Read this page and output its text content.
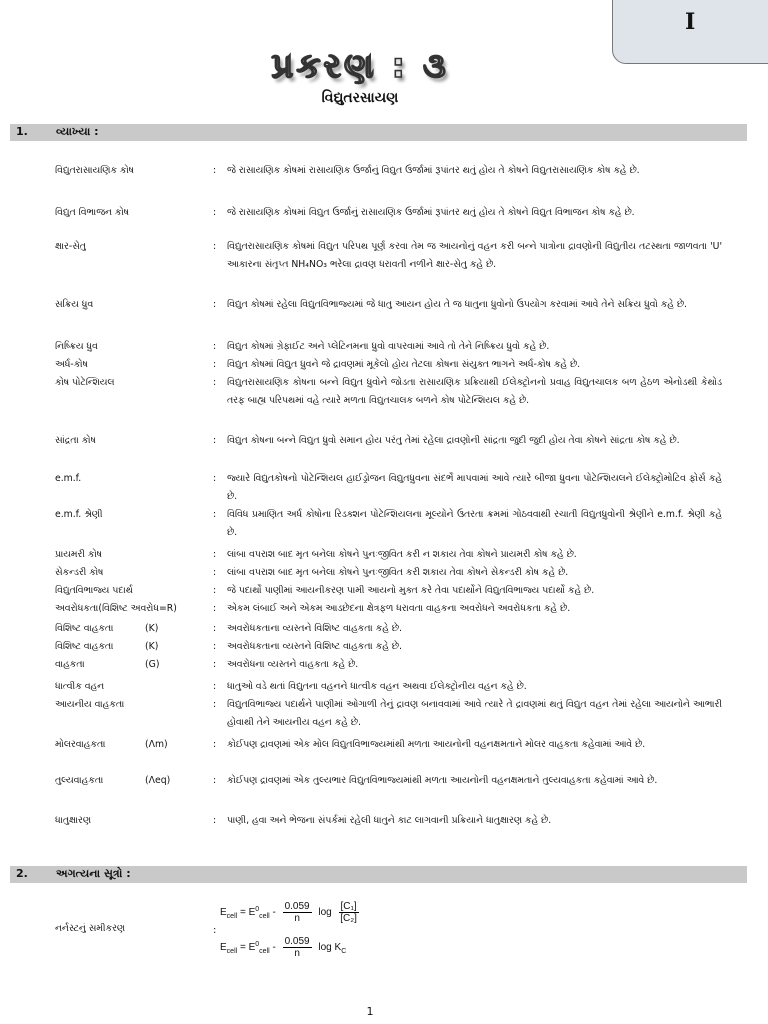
I
પ્રકરણ : ૩
વિદ્યુતરસાયણ
1.	વ્યાખ્યા :
વિદ્યુતરાસાયણિક કોષ	: જે રાસાયણિક કોષમાં રાસાયણિક ઉર્જાનું વિદ્યુત ઉર્જામાં રૂપાંતર થતું હોય તે કોષને વિદ્યુતરાસાયણિક કોષ કહે છે.
વિદ્યુત વિભાજન કોષ	: જે રાસાયણિક કોષમાં વિદ્યુત ઉર્જાનું રાસાયણિક ઉર્જામાં રૂપાંતર થતું હોય તે કોષને વિદ્યુત વિભાજન કોષ કહે છે.
ક્ષાર-સેતુ	: વિદ્યુતરાસાયણિક કોષમાં વિદ્યુત પરિપથ પૂર્ણ કરવા તેમ જ આયનોનું વહન કરી બન્ને પાત્રોના દ્રાવણોની વિદ્યુતીય તટસ્થતા જાળવતા 'U' આકારના સંતૃપ્ત NH₄NO₃ ભરેલા દ્રાવણ ધરાવતી નળીને ક્ષાર-સેતુ કહે છે.
સક્રિય ધ્રુવ	: વિદ્યુત કોષમાં રહેલા વિદ્યુતવિભાજ્યમાં જે ધાતુ આયન હોય તે જ ધાતુના ધ્રુવોનો ઉપયોગ કરવામાં આવે તેને સક્રિય ધ્રુવો કહે છે.
નિષ્ક્રિય ધ્રુવ	: વિદ્યુત કોષમાં ગ્રેફાઈટ અને પ્લેટિનમના ધ્રુવો વાપરવામાં આવે તો તેને નિષ્ક્રિય ધ્રુવો કહે છે.
અર્ધ-કોષ	: વિદ્યુત કોષમાં વિદ્યુત ધ્રુવને જે દ્રાવણમાં મૂકેલો હોય તેટલા કોષના સંયુક્ત ભાગને અર્ધ-કોષ કહે છે.
કોષ પોટેન્શિયલ	: વિદ્યુતરાસાયણિક કોષના બન્ને વિદ્યુત ધ્રુવોને જોડતા રાસાયણિક પ્રક્રિયાથી ઈલેક્ટ્રોનનો પ્રવાહ વિદ્યુતચાલક બળ હેઠળ એનોડથી કેથોડ તરફ બાહ્ય પરિપથમાં વહે ત્યારે મળતા વિદ્યુતચાલક બળને કોષ પોટેન્શિયલ કહે છે.
સાંદ્રતા કોષ	: વિદ્યુત કોષના બન્ને વિદ્યુત ધ્રુવો સમાન હોય પરંતુ તેમાં રહેલા દ્રાવણોની સાંદ્રતા જુદી જુદી હોય તેવા કોષને સાંદ્રતા કોષ કહે છે.
e.m.f.	: જ્યારે વિદ્યુતકોષનો પોટેન્શિયલ હાઈડ્રોજન વિદ્યુતધ્રુવના સંદર્ભે માપવામાં આવે ત્યારે બીજા ધ્રુવના પોટેન્શિયલને ઈલેક્ટ્રોમોટિવ ફોર્સ કહે છે.
e.m.f. શ્રેણી	: વિવિધ પ્રમાણિત અર્ધ કોષોના રિડક્શન પોટેન્શિયલના મૂલ્યોને ઉતરતા ક્રમમાં ગોઠવવાથી રચાતી વિદ્યુતધ્રુવોની શ્રેણીને e.m.f. શ્રેણી કહે છે.
પ્રાયમરી કોષ	: લાંબા વપરાશ બાદ મૃત બનેલા કોષને પુનઃજીવિત કરી ન શકાય તેવા કોષને પ્રાયમરી કોષ કહે છે.
સેકન્ડરી કોષ	: લાંબા વપરાશ બાદ મૃત બનેલા કોષને પુનઃજીવિત કરી શકાય તેવા કોષને સેકન્ડરી કોષ કહે છે.
વિદ્યુતવિભાજ્ય પદાર્થ	: જે પદાર્થો પાણીમાં આયનીકરણ પામી આયનો મુક્ત કરે તેવા પદાર્થોને વિદ્યુતવિભાજ્ય પદાર્થો કહે છે.
અવરોધકતા(વિશિષ્ટ અવરોધ=R)	: એકમ લંબાઈ અને એકમ આડછેદના ક્ષેત્રફળ ધરાવતા વાહકના અવરોધને અવરોધકતા કહે છે.
વિશિષ્ટ વાહકતા	(K)	: અવરોધકતાના વ્યસ્તને વિશિષ્ટ વાહકતા કહે છે.
વિશિષ્ટ વાહકતા	(K)	: અવરોધકતાના વ્યસ્તને વિશિષ્ટ વાહકતા કહે છે.
વાહકતા	(G)	: અવરોધના વ્યસ્તને વાહકતા કહે છે.
ધાત્વીક વહન	: ધાતુઓ વડે થતાં વિદ્યુતના વહનને ધાત્વીક વહન અથવા ઈલેક્ટ્રોનીય વહન કહે છે.
આયનીય વાહકતા	: વિદ્યુતવિભાજ્ય પદાર્થને પાણીમાં ઓગાળી તેનું દ્રાવણ બનાવવામાં આવે ત્યારે તે દ્રાવણમાં થતું વિદ્યુત વહન તેમાં રહેલા આયનોને આભારી હોવાથી તેને આયનીય વહન કહે છે.
મોલરવાહકતા	(Λm)	: કોઈપણ દ્રાવણમાં એક મોલ વિદ્યુતવિભાજ્યમાંથી મળતા આયનોની વહનક્ષમતાને મોલર વાહકતા કહેવામાં આવે છે.
તુલ્યવાહકતા	(Λeq)	: કોઈપણ દ્રાવણમાં એક તુલ્યભાર વિદ્યુતવિભાજ્યમાંથી મળતા આયનોની વહનક્ષમતાને તુલ્યવાહકતા કહેવામાં આવે છે.
ધાતુક્ષારણ	: પાણી, હવા અને ભેજના સંપર્કમાં રહેલી ધાતુને કાટ લાગવાની પ્રક્રિયાને ધાતુક્ષારણ કહે છે.
2.	અગત્યના સૂત્રો :
નર્નસ્ટનું સમીકરણ	:
$E_{cell} = E^0_{cell} - \frac{0.059}{n}$ $\log \frac{\text{[C₁]}}{\text{[C₂]}}$
$E_{cell} = E^0_{cell} - \frac{0.059}{n}$ $\log K_C$
1
